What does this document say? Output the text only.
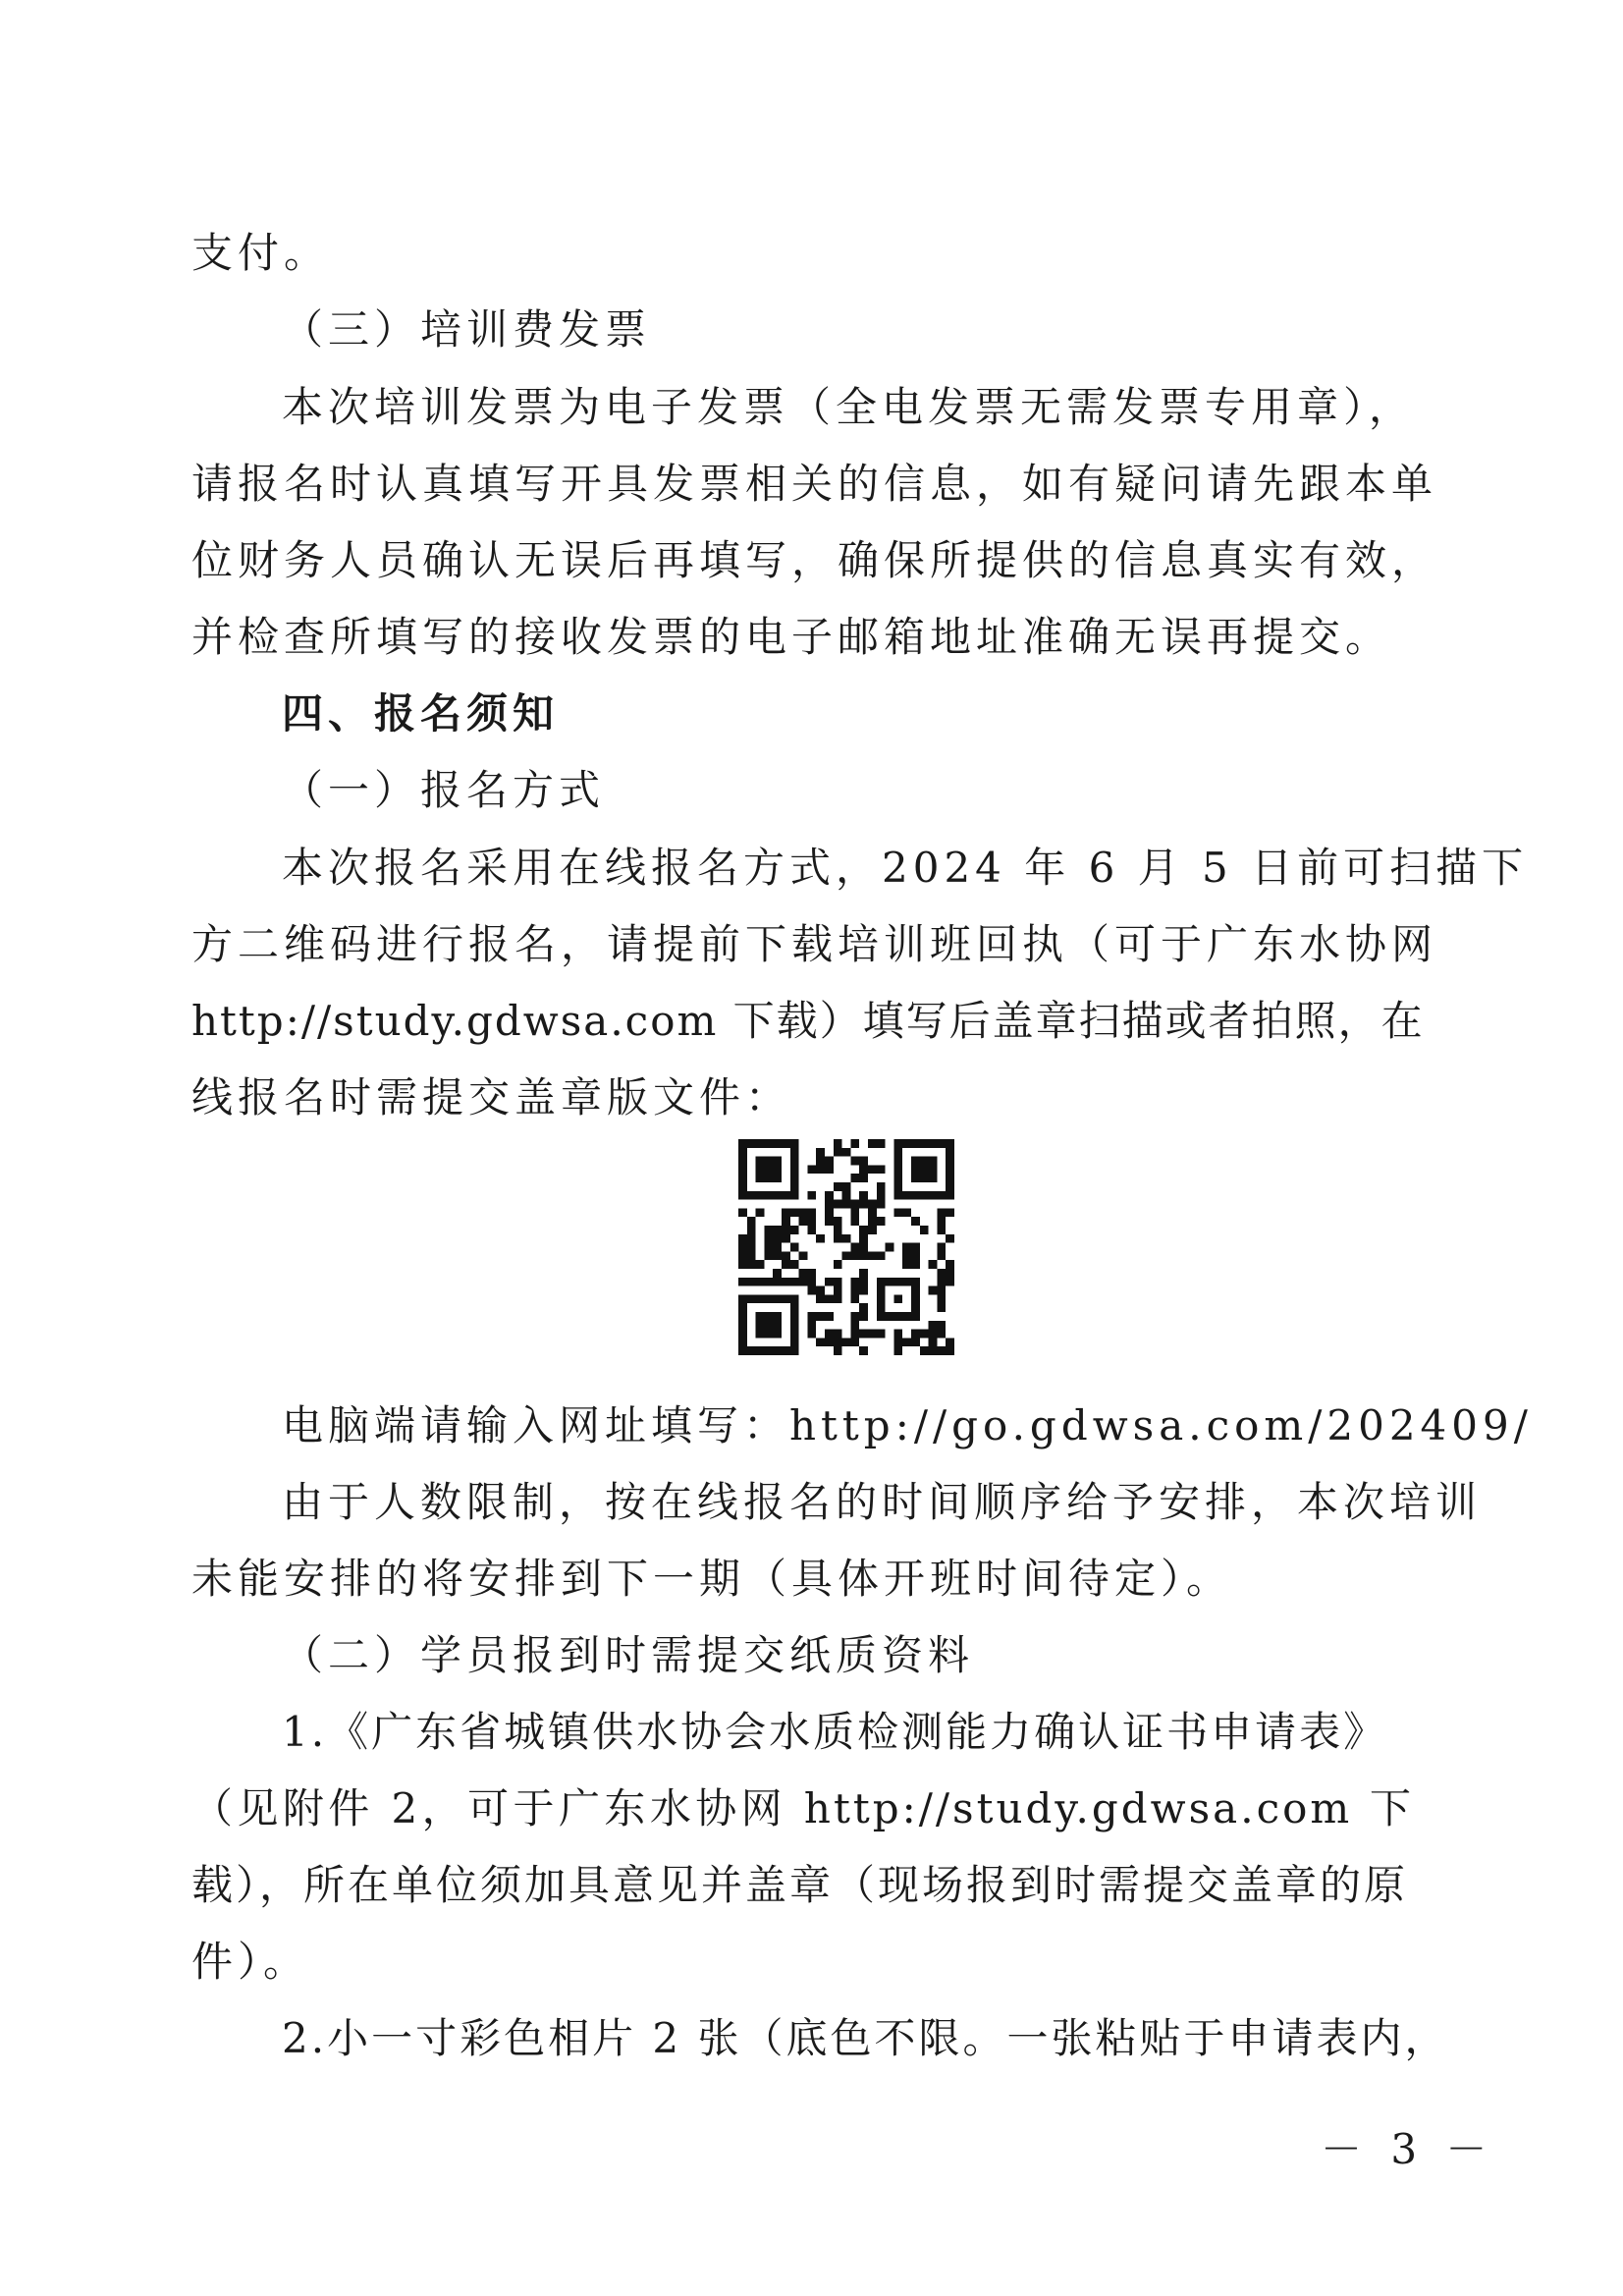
支付。
（三）培训费发票
本次培训发票为电子发票（全电发票无需发票专用章），
请报名时认真填写开具发票相关的信息，如有疑问请先跟本单
位财务人员确认无误后再填写，确保所提供的信息真实有效，
并检查所填写的接收发票的电子邮箱地址准确无误再提交。
四、报名须知
（一）报名方式
本次报名采用在线报名方式，2024 年 6 月 5 日前可扫描下
方二维码进行报名，请提前下载培训班回执（可于广东水协网
http://study.gdwsa.com 下载）填写后盖章扫描或者拍照，在
线报名时需提交盖章版文件：
电脑端请输入网址填写：http://go.gdwsa.com/202409/
由于人数限制，按在线报名的时间顺序给予安排，本次培训
未能安排的将安排到下一期（具体开班时间待定）。
（二）学员报到时需提交纸质资料
1.《广东省城镇供水协会水质检测能力确认证书申请表》
（见附件 2，可于广东水协网 http://study.gdwsa.com 下
载），所在单位须加具意见并盖章（现场报到时需提交盖章的原
件）。
2.小一寸彩色相片 2 张（底色不限。一张粘贴于申请表内，
－ 3 －
